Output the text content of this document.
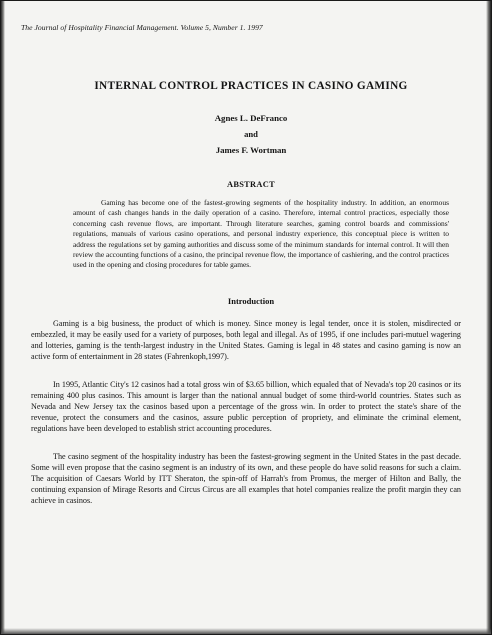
The Journal of Hospitality Financial Management. Volume 5, Number 1. 1997

INTERNAL CONTROL PRACTICES IN CASINO GAMING

Agnes L. DeFranco

and

James F. Wortman

ABSTRACT

Gaming has become one of the fastest-growing segments of the hospitality industry. In addition, an enormous amount of cash changes hands in the daily operation of a casino. Therefore, internal control practices, especially those concerning cash revenue flows, are important. Through literature searches, gaming control boards and commissions' regulations, manuals of various casino operations, and personal industry experience, this conceptual piece is written to address the regulations set by gaming authorities and discuss some of the minimum standards for internal control. It will then review the accounting functions of a casino, the principal revenue flow, the importance of cashiering, and the control practices used in the opening and closing procedures for table games.

Introduction

Gaming is a big business, the product of which is money. Since money is legal tender, once it is stolen, misdirected or embezzled, it may be easily used for a variety of purposes, both legal and illegal. As of 1995, if one includes pari-mutuel wagering and lotteries, gaming is the tenth-largest industry in the United States. Gaming is legal in 48 states and casino gaming is now an active form of entertainment in 28 states (Fahrenkoph,1997).

In 1995, Atlantic City's 12 casinos had a total gross win of $3.65 billion, which equaled that of Nevada's top 20 casinos or its remaining 400 plus casinos. This amount is larger than the national annual budget of some third-world countries. States such as Nevada and New Jersey tax the casinos based upon a percentage of the gross win. In order to protect the state's share of the revenue, protect the consumers and the casinos, assure public perception of propriety, and eliminate the criminal element, regulations have been developed to establish strict accounting procedures.

The casino segment of the hospitality industry has been the fastest-growing segment in the United States in the past decade. Some will even propose that the casino segment is an industry of its own, and these people do have solid reasons for such a claim. The acquisition of Caesars World by ITT Sheraton, the spin-off of Harrah's from Promus, the merger of Hilton and Bally, the continuing expansion of Mirage Resorts and Circus Circus are all examples that hotel companies realize the profit margin they can achieve in casinos.
